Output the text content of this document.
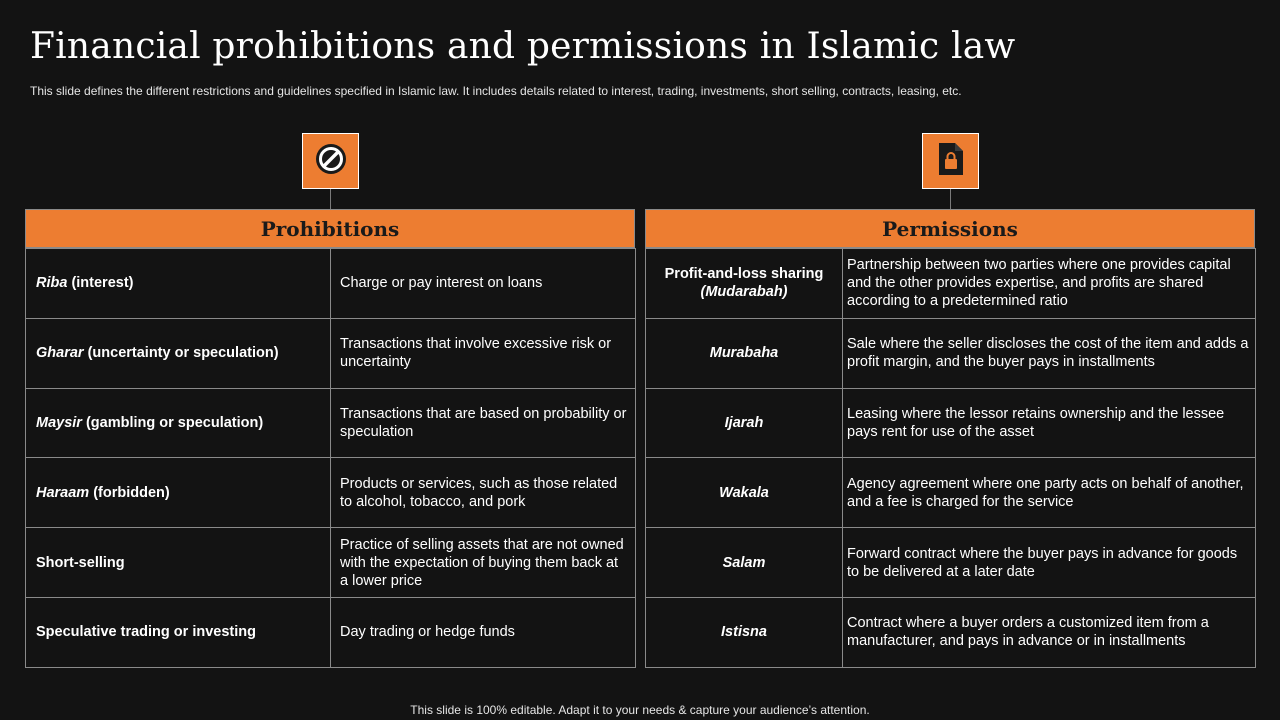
Financial prohibitions and permissions in Islamic law

This slide defines the different restrictions and guidelines specified in Islamic law. It includes details related to interest, trading, investments, short selling, contracts, leasing, etc.

Prohibitions
Riba (interest)	Charge or pay interest on loans
Gharar (uncertainty or speculation)	Transactions that involve excessive risk or uncertainty
Maysir (gambling or speculation)	Transactions that are based on probability or speculation
Haraam (forbidden)	Products or services, such as those related to alcohol, tobacco, and pork
Short-selling	Practice of selling assets that are not owned with the expectation of buying them back at a lower price
Speculative trading or investing	Day trading or hedge funds
Permissions
Profit-and-loss sharing
(Mudarabah)	Partnership between two parties where one provides capital and the other provides expertise, and profits are shared according to a predetermined ratio
Murabaha	Sale where the seller discloses the cost of the item and adds a profit margin, and the buyer pays in installments
Ijarah	Leasing where the lessor retains ownership and the lessee pays rent for use of the asset
Wakala	Agency agreement where one party acts on behalf of another, and a fee is charged for the service
Salam	Forward contract where the buyer pays in advance for goods to be delivered at a later date
Istisna	Contract where a buyer orders a customized item from a manufacturer, and pays in advance or in installments
This slide is 100% editable. Adapt it to your needs & capture your audience’s attention.
